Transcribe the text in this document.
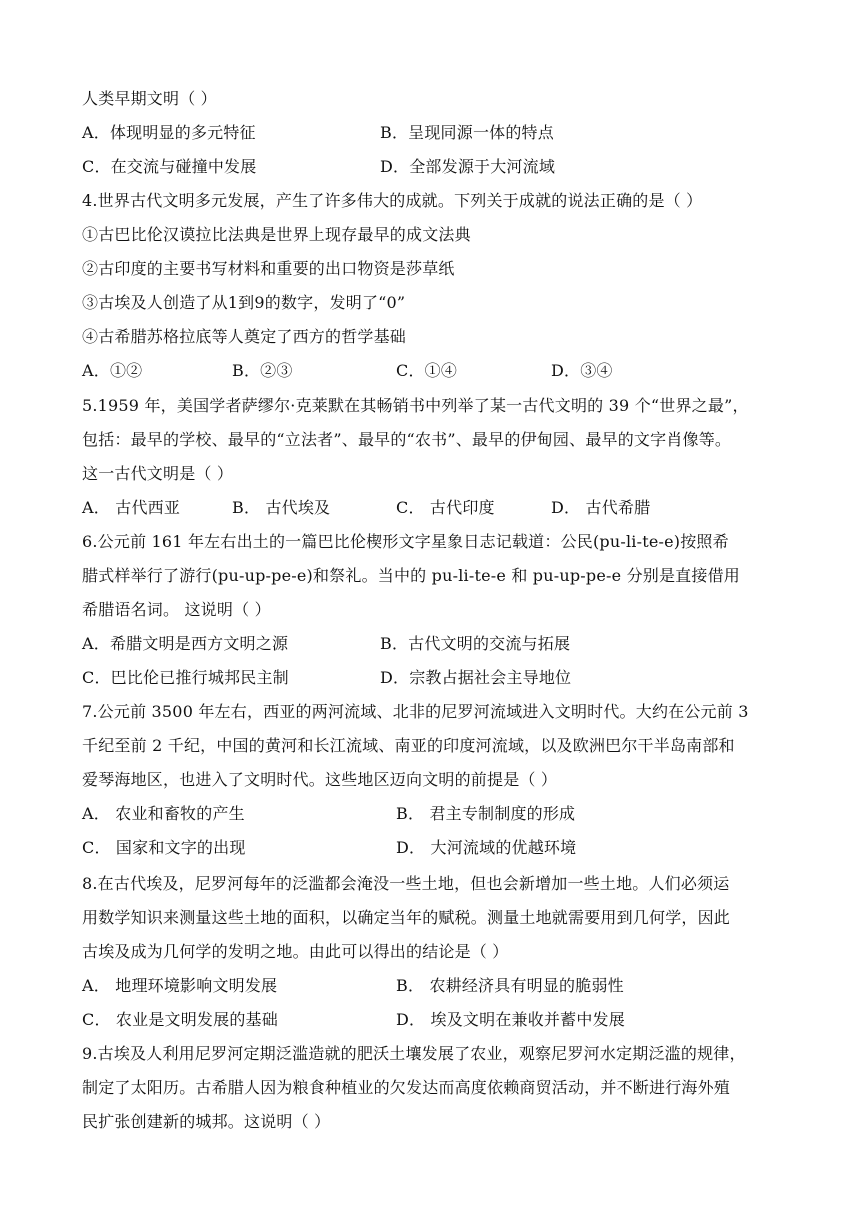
人类早期文明（ ）
A．体现明显的多元特征	B．呈现同源一体的特点
C．在交流与碰撞中发展	D．全部发源于大河流域
4.世界古代文明多元发展，产生了许多伟大的成就。下列关于成就的说法正确的是（ ）
①古巴比伦汉谟拉比法典是世界上现存最早的成文法典
②古印度的主要书写材料和重要的出口物资是莎草纸
③古埃及人创造了从1到9的数字，发明了“0”
④古希腊苏格拉底等人奠定了西方的哲学基础
A．①②	B．②③	C．①④	D．③④
5.1959 年，美国学者萨缪尔·克莱默在其畅销书中列举了某一古代文明的 39 个“世界之最”，
包括：最早的学校、最早的“立法者”、最早的“农书”、最早的伊甸园、最早的文字肖像等。
这一古代文明是（ ）
A． 古代西亚	B． 古代埃及	C． 古代印度	D． 古代希腊
6.公元前 161 年左右出土的一篇巴比伦楔形文字星象日志记载道：公民(pu-li-te-e)按照希
腊式样举行了游行(pu-up-pe-e)和祭礼。当中的 pu-li-te-e 和 pu-up-pe-e 分别是直接借用
希腊语名词。 这说明（ ）
A．希腊文明是西方文明之源	B．古代文明的交流与拓展
C．巴比伦已推行城邦民主制	D．宗教占据社会主导地位
7.公元前 3500 年左右，西亚的两河流域、北非的尼罗河流域进入文明时代。大约在公元前 3
千纪至前 2 千纪，中国的黄河和长江流域、南亚的印度河流域，以及欧洲巴尔干半岛南部和
爱琴海地区，也进入了文明时代。这些地区迈向文明的前提是（ ）
A． 农业和畜牧的产生	B． 君主专制制度的形成
C． 国家和文字的出现	D． 大河流域的优越环境
8.在古代埃及，尼罗河每年的泛滥都会淹没一些土地，但也会新增加一些土地。人们必须运
用数学知识来测量这些土地的面积，以确定当年的赋税。测量土地就需要用到几何学，因此
古埃及成为几何学的发明之地。由此可以得出的结论是（ ）
A． 地理环境影响文明发展	B． 农耕经济具有明显的脆弱性
C． 农业是文明发展的基础	D． 埃及文明在兼收并蓄中发展
9.古埃及人利用尼罗河定期泛滥造就的肥沃土壤发展了农业，观察尼罗河水定期泛滥的规律，
制定了太阳历。古希腊人因为粮食种植业的欠发达而高度依赖商贸活动，并不断进行海外殖
民扩张创建新的城邦。这说明（ ）
